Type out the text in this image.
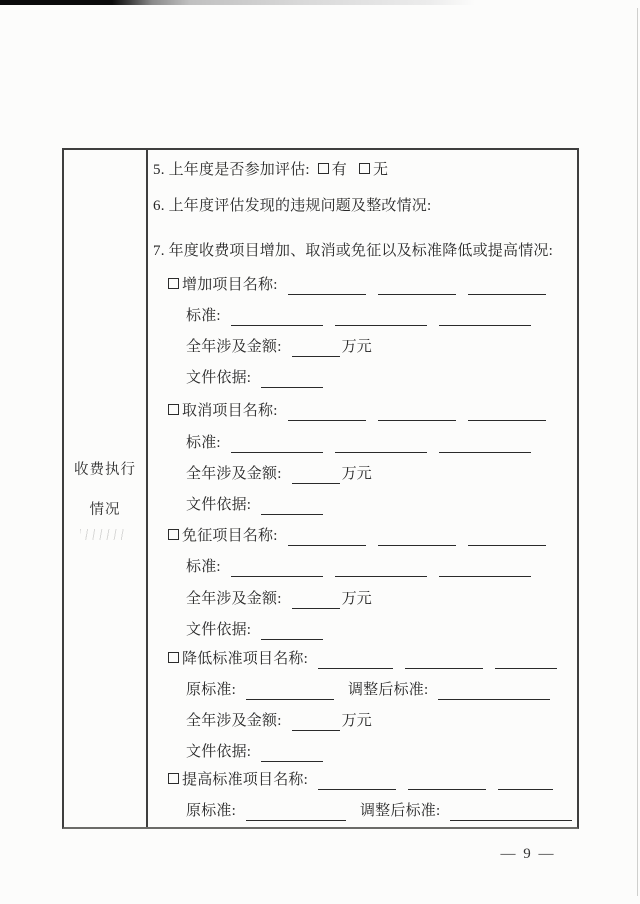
收费执行
情况
5. 上年度是否参加评估: 有 无
6. 上年度评估发现的违规问题及整改情况:
7. 年度收费项目增加、取消或免征以及标准降低或提高情况:
增加项目名称:
标准:
全年涉及金额:	万元
文件依据:
取消项目名称:
标准:
全年涉及金额:	万元
文件依据:
免征项目名称:
标准:
全年涉及金额:	万元
文件依据:
降低标准项目名称:
原标准:	调整后标准:
全年涉及金额:	万元
文件依据:
提高标准项目名称:
原标准:	调整后标准:
— 9 —
